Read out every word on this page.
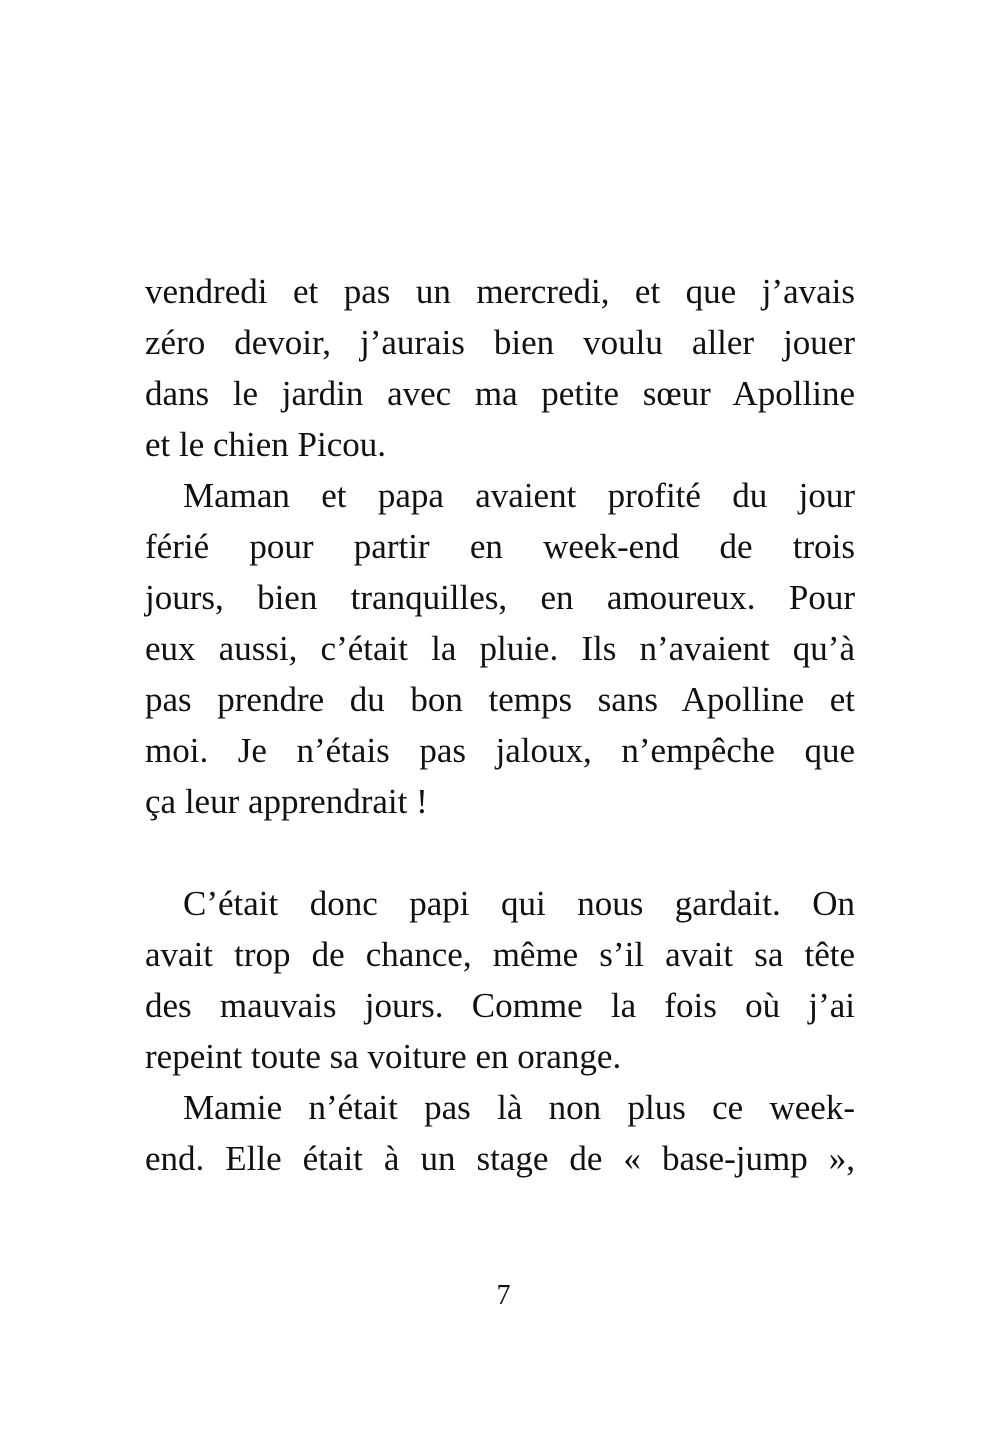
vendredi et pas un mercredi, et que j’avais
zéro devoir, j’aurais bien voulu aller jouer
dans le jardin avec ma petite sœur Apolline
et le chien Picou.
Maman et papa avaient profité du jour
férié pour partir en week-end de trois
jours, bien tranquilles, en amoureux. Pour
eux aussi, c’était la pluie. Ils n’avaient qu’à
pas prendre du bon temps sans Apolline et
moi. Je n’étais pas jaloux, n’empêche que
ça leur apprendrait !
C’était donc papi qui nous gardait. On
avait trop de chance, même s’il avait sa tête
des mauvais jours. Comme la fois où j’ai
repeint toute sa voiture en orange.
Mamie n’était pas là non plus ce week-
end. Elle était à un stage de « base-jump »,
7
